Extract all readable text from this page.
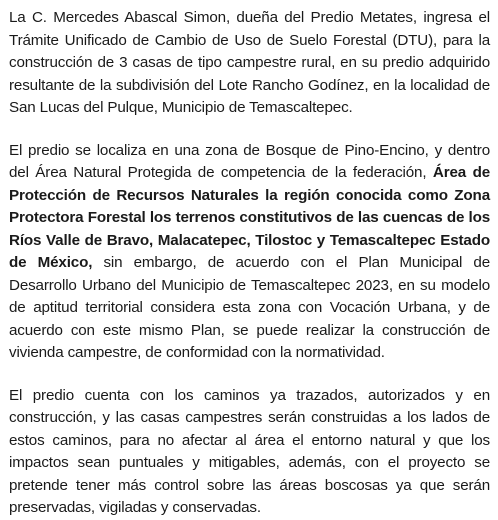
La C. Mercedes Abascal Simon, dueña del Predio Metates, ingresa el Trámite Unificado de Cambio de Uso de Suelo Forestal (DTU), para la construcción de 3 casas de tipo campestre rural, en su predio adquirido resultante de la subdivisión del Lote Rancho Godínez, en la localidad de San Lucas del Pulque, Municipio de Temascaltepec.

El predio se localiza en una zona de Bosque de Pino-Encino, y dentro del Área Natural Protegida de competencia de la federación, Área de Protección de Recursos Naturales la región conocida como Zona Protectora Forestal los terrenos constitutivos de las cuencas de los Ríos Valle de Bravo, Malacatepec, Tilostoc y Temascaltepec Estado de México, sin embargo, de acuerdo con el Plan Municipal de Desarrollo Urbano del Municipio de Temascaltepec 2023, en su modelo de aptitud territorial considera esta zona con Vocación Urbana, y de acuerdo con este mismo Plan, se puede realizar la construcción de vivienda campestre, de conformidad con la normatividad.

El predio cuenta con los caminos ya trazados, autorizados y en construcción, y las casas campestres serán construidas a los lados de estos caminos, para no afectar al área el entorno natural y que los impactos sean puntuales y mitigables, además, con el proyecto se pretende tener más control sobre las áreas boscosas ya que serán preservadas, vigiladas y conservadas.
